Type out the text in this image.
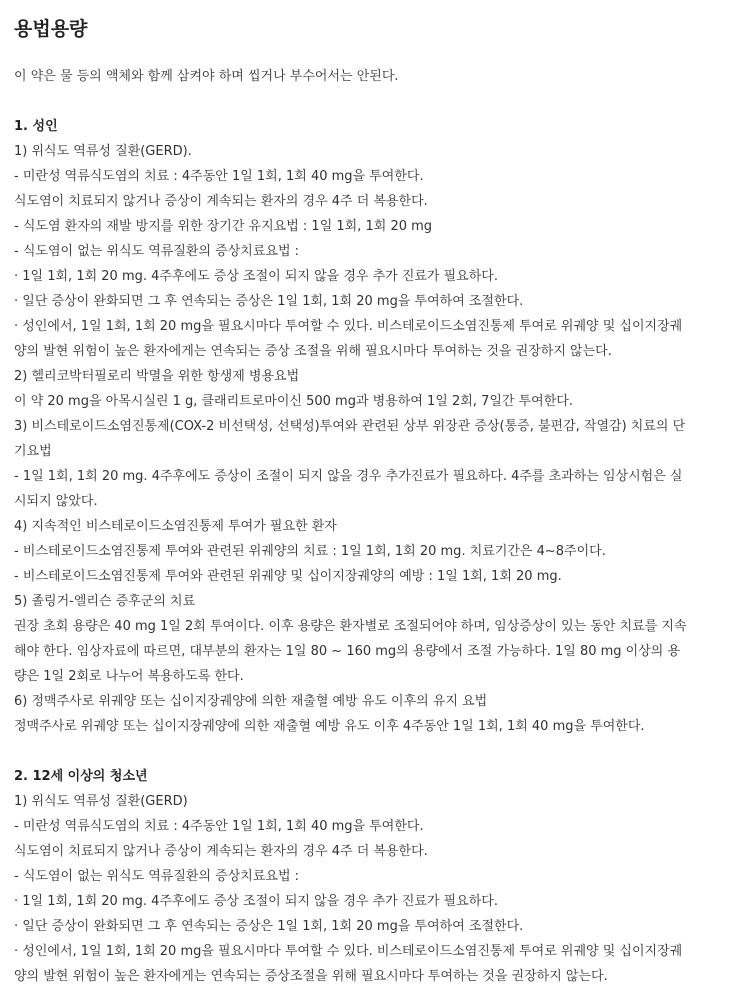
용법용량
이 약은 물 등의 액체와 함께 삼켜야 하며 씹거나 부수어서는 안된다.
1. 성인
1) 위식도 역류성 질환(GERD).
- 미란성 역류식도염의 치료 : 4주동안 1일 1회, 1회 40 mg을 투여한다.
식도염이 치료되지 않거나 증상이 계속되는 환자의 경우 4주 더 복용한다.
- 식도염 환자의 재발 방지를 위한 장기간 유지요법 : 1일 1회, 1회 20 mg
- 식도염이 없는 위식도 역류질환의 증상치료요법 :
· 1일 1회, 1회 20 mg. 4주후에도 증상 조절이 되지 않을 경우 추가 진료가 필요하다.
· 일단 증상이 완화되면 그 후 연속되는 증상은 1일 1회, 1회 20 mg을 투여하여 조절한다.
· 성인에서, 1일 1회, 1회 20 mg을 필요시마다 투여할 수 있다. 비스테로이드소염진통제 투여로 위궤양 및 십이지장궤
양의 발현 위험이 높은 환자에게는 연속되는 증상 조절을 위해 필요시마다 투여하는 것을 권장하지 않는다.
2) 헬리코박터필로리 박멸을 위한 항생제 병용요법
이 약 20 mg을 아목시실린 1 g, 클래리트로마이신 500 mg과 병용하여 1일 2회, 7일간 투여한다.
3) 비스테로이드소염진통제(COX-2 비선택성, 선택성)투여와 관련된 상부 위장관 증상(통증, 불편감, 작열감) 치료의 단
기요법
- 1일 1회, 1회 20 mg. 4주후에도 증상이 조절이 되지 않을 경우 추가진료가 필요하다. 4주를 초과하는 임상시험은 실
시되지 않았다.
4) 지속적인 비스테로이드소염진통제 투여가 필요한 환자
- 비스테로이드소염진통제 투여와 관련된 위궤양의 치료 : 1일 1회, 1회 20 mg. 치료기간은 4~8주이다.
- 비스테로이드소염진통제 투여와 관련된 위궤양 및 십이지장궤양의 예방 : 1일 1회, 1회 20 mg.
5) 졸링거-엘리슨 증후군의 치료
권장 초회 용량은 40 mg 1일 2회 투여이다. 이후 용량은 환자별로 조절되어야 하며, 임상증상이 있는 동안 치료를 지속
해야 한다. 임상자료에 따르면, 대부분의 환자는 1일 80 ~ 160 mg의 용량에서 조절 가능하다. 1일 80 mg 이상의 용
량은 1일 2회로 나누어 복용하도록 한다.
6) 정맥주사로 위궤양 또는 십이지장궤양에 의한 재출혈 예방 유도 이후의 유지 요법
정맥주사로 위궤양 또는 십이지장궤양에 의한 재출혈 예방 유도 이후 4주동안 1일 1회, 1회 40 mg을 투여한다.
2. 12세 이상의 청소년
1) 위식도 역류성 질환(GERD)
- 미란성 역류식도염의 치료 : 4주동안 1일 1회, 1회 40 mg을 투여한다.
식도염이 치료되지 않거나 증상이 계속되는 환자의 경우 4주 더 복용한다.
- 식도염이 없는 위식도 역류질환의 증상치료요법 :
· 1일 1회, 1회 20 mg. 4주후에도 증상 조절이 되지 않을 경우 추가 진료가 필요하다.
· 일단 증상이 완화되면 그 후 연속되는 증상은 1일 1회, 1회 20 mg을 투여하여 조절한다.
· 성인에서, 1일 1회, 1회 20 mg을 필요시마다 투여할 수 있다. 비스테로이드소염진통제 투여로 위궤양 및 십이지장궤
양의 발현 위험이 높은 환자에게는 연속되는 증상조절을 위해 필요시마다 투여하는 것을 권장하지 않는다.
